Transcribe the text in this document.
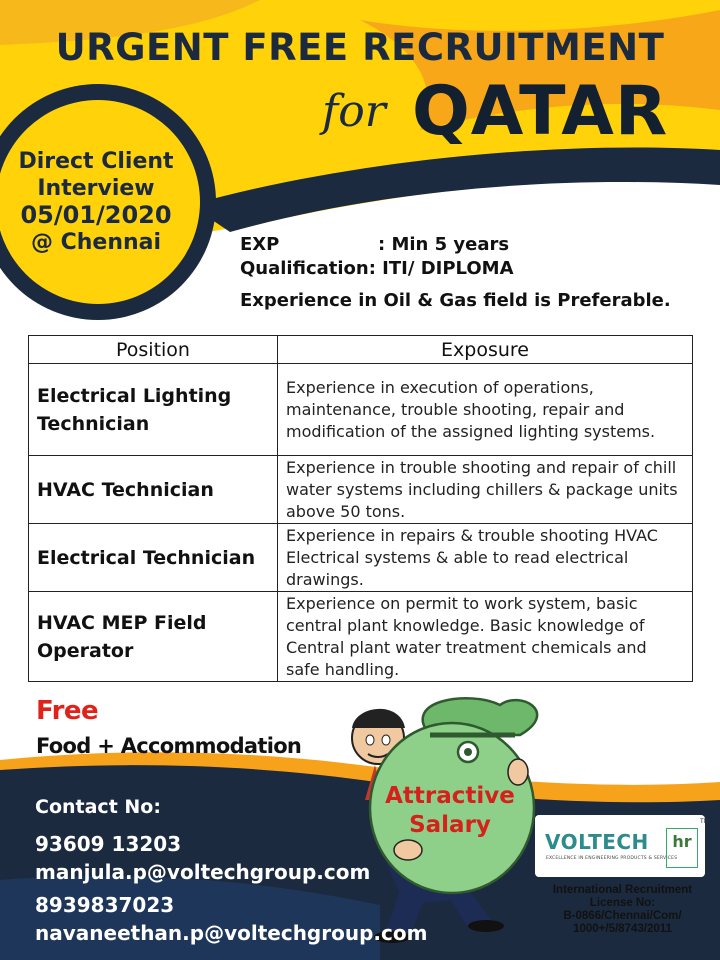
URGENT FREE RECRUITMENT
for QATAR
Direct Client
Interview
05/01/2020
@ Chennai	EXP	: Min 5 years
Qualification: ITI/ DIPLOMA
Experience in Oil & Gas field is Preferable.
Position	Exposure
Electrical Lighting Technician	Experience in execution of operations, maintenance, trouble shooting, repair and modification of the assigned lighting systems.
HVAC Technician	Experience in trouble shooting and repair of chill water systems including chillers & package units above 50 tons.
Electrical Technician	Experience in repairs & trouble shooting HVAC Electrical systems & able to read electrical drawings.
HVAC MEP Field Operator	Experience on permit to work system, basic central plant knowledge. Basic knowledge of Central plant water treatment chemicals and safe handling.
Free
Food + Accommodation
Attractive
Salary
Contact No:
93609 13203
manjula.p@voltechgroup.com
8939837023
navaneethan.p@voltechgroup.com
VOLTECH
EXCELLENCE IN ENGINEERING PRODUCTS & SERVICES
hr
TM
International Recruitment
License No:
B-0866/Chennai/Com/
1000+/5/8743/2011
